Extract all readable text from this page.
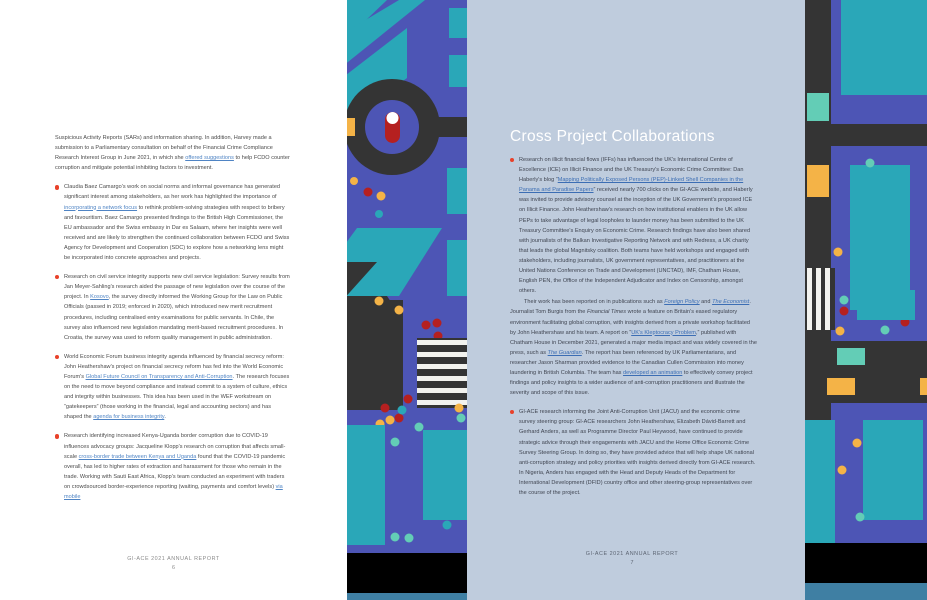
Suspicious Activity Reports (SARs) and information sharing. In addition, Harvey made a submission to a Parliamentary consultation on behalf of the Financial Crime Compliance Research Interest Group in June 2021, in which she offered suggestions to help FCDO counter corruption and mitigate potential inhibiting factors to investment.
Claudia Baez Camargo's work on social norms and informal governance has generated significant interest among stakeholders, as her work has highlighted the importance of incorporating a network focus to rethink problem-solving strategies with respect to bribery and favouritism. Baez Camargo presented findings to the British High Commissioner, the EU ambassador and the Swiss embassy in Dar es Salaam, where her insights were well received and are likely to strengthen the continued collaboration between FCDO and Swiss Agency for Development and Cooperation (SDC) to explore how a networking lens might be incorporated into concrete approaches and projects.
Research on civil service integrity supports new civil service legislation: Survey results from Jan Meyer-Sahling's research aided the passage of new legislation over the course of the project. In Kosovo, the survey directly informed the Working Group for the Law on Public Officials (passed in 2019; enforced in 2020), which introduced new merit recruitment procedures, including centralised entry examinations for public servants. In Chile, the survey also influenced new legislation mandating merit-based recruitment procedures. In Croatia, the survey was used to reform quality management in public administration.
World Economic Forum business integrity agenda influenced by financial secrecy reform: John Heathershaw's project on financial secrecy reform has fed into the World Economic Forum's Global Future Council on Transparency and Anti-Corruption. The research focuses on the need to move beyond compliance and instead commit to a system of culture, ethics and integrity within businesses. This idea has been used in the WEF workstream on “gatekeepers” (those working in the financial, legal and accounting sectors) and has shaped the agenda for business integrity.
Research identifying increased Kenya-Uganda border corruption due to COVID-19 influences advocacy groups: Jacqueline Klopp's research on corruption that affects small-scale cross-border trade between Kenya and Uganda found that the COVID-19 pandemic overall, has led to higher rates of extraction and harassment for those who remain in the trade. Working with Sauti East Africa, Klopp's team conducted an experiment with traders on crowdsourced border-experience reporting (waiting, payments and comfort levels) via mobile
GI-ACE 2021 ANNUAL REPORT
6
Cross Project Collaborations
Research on illicit financial flows (IFFs) has influenced the UK's International Centre of Excellence (ICE) on Illicit Finance and the UK Treasury's Economic Crime Committee: Dan Haberly's blog “Mapping Politically Exposed Persons (PEP)-Linked Shell Companies in the Panama and Paradise Papers” received nearly 700 clicks on the GI-ACE website, and Haberly was invited to provide advisory counsel at the inception of the UK Government's proposed ICE on Illicit Finance. John Heathershaw's research on how institutional enablers in the UK allow PEPs to take advantage of legal loopholes to launder money has been submitted to the UK Treasury Committee's Enquiry on Economic Crime. Research findings have also been shared with journalists of the Balkan Investigative Reporting Network and with Redress, a UK charity that leads the global Magnitsky coalition. Both teams have held workshops and engaged with stakeholders, including journalists, UK government representatives, and practitioners at the United Nations Conference on Trade and Development (UNCTAD), IMF, Chatham House, English PEN, the Office of the Independent Adjudicator and Index on Censorship, amongst others.
Their work has been reported on in publications such as Foreign Policy and The Economist. Journalist Tom Burgis from the Financial Times wrote a feature on Britain's eased regulatory environment facilitating global corruption, with insights derived from a private workshop facilitated by John Heathershaw and his team. A report on “UK's Kleptocracy Problem,” published with Chatham House in December 2021, generated a major media impact and was widely covered in the press, such as The Guardian. The report has been referenced by UK Parliamentarians, and researcher Jason Sharman provided evidence to the Canadian Cullen Commission into money laundering in British Columbia. The team has developed an animation to effectively convey project findings and policy insights to a wider audience of anti-corruption practitioners and illustrate the severity and scope of this issue.
GI-ACE research informing the Joint Anti-Corruption Unit (JACU) and the economic crime survey steering group: GI-ACE researchers John Heathershaw, Elizabeth Dávid-Barrett and Gerhard Anders, as well as Programme Director Paul Heywood, have continued to provide strategic advice through their engagements with JACU and the Home Office Economic Crime Survey Steering Group. In doing so, they have provided advice that will help shape UK national anti-corruption strategy and policy priorities with insights derived directly from GI-ACE research. In Nigeria, Anders has engaged with the Head and Deputy Heads of the Department for International Development (DFID) country office and other steering-group representatives over the course of the project.
GI-ACE 2021 ANNUAL REPORT
7
